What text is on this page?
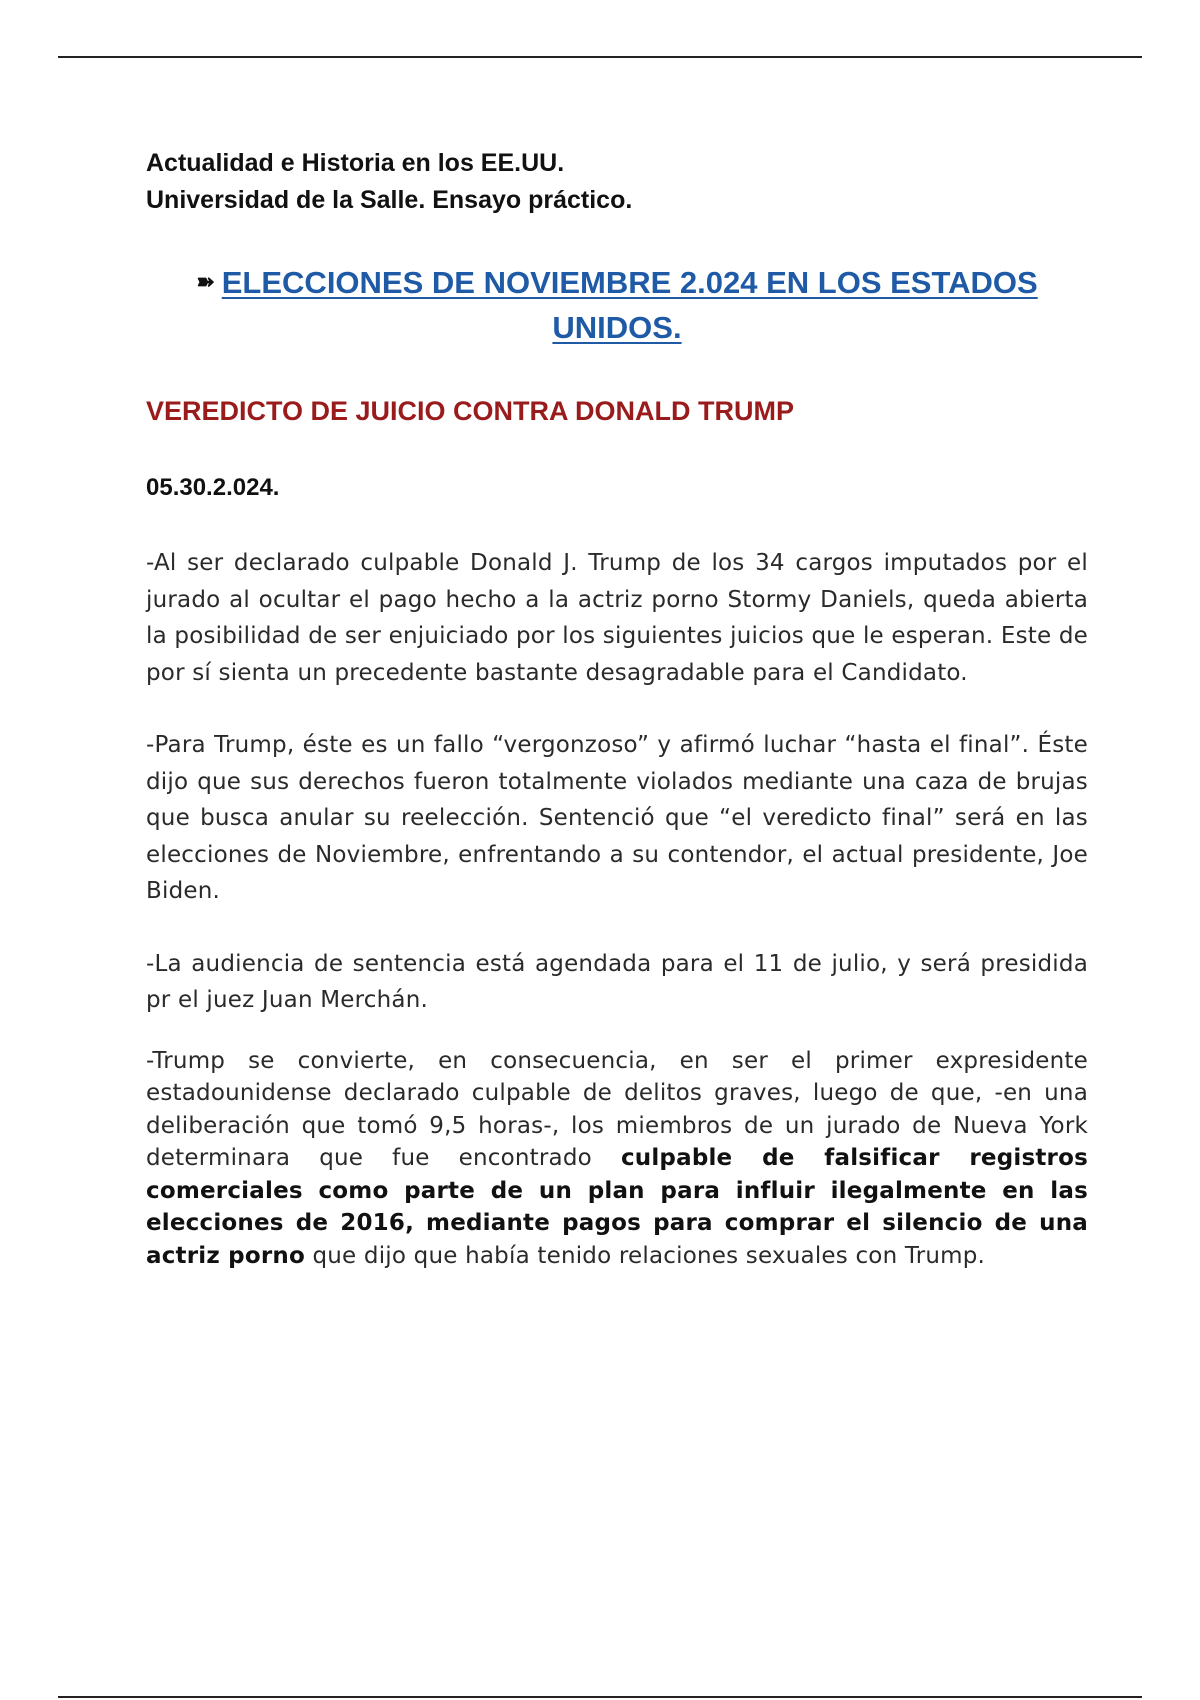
Actualidad e Historia en los EE.UU.
Universidad de la Salle. Ensayo práctico.
➽ ELECCIONES DE NOVIEMBRE 2.024 EN LOS ESTADOS UNIDOS.
VEREDICTO DE JUICIO CONTRA DONALD TRUMP
05.30.2.024.

-Al ser declarado culpable Donald J. Trump de los 34 cargos imputados por el jurado al ocultar el pago hecho a la actriz porno Stormy Daniels, queda abierta la posibilidad de ser enjuiciado por los siguientes juicios que le esperan. Este de por sí sienta un precedente bastante desagradable para el Candidato.

-Para Trump, éste es un fallo “vergonzoso” y afirmó luchar “hasta el final”. Éste dijo que sus derechos fueron totalmente violados mediante una caza de brujas que busca anular su reelección. Sentenció que “el veredicto final” será en las elecciones de Noviembre, enfrentando a su contendor, el actual presidente, Joe Biden.

-La audiencia de sentencia está agendada para el 11 de julio, y será presidida pr el juez Juan Merchán.

-Trump se convierte, en consecuencia, en ser el primer expresidente estadounidense declarado culpable de delitos graves, luego de que, -en una deliberación que tomó 9,5 horas-, los miembros de un jurado de Nueva York determinara que fue encontrado culpable de falsificar registros comerciales como parte de un plan para influir ilegalmente en las elecciones de 2016, mediante pagos para comprar el silencio de una actriz porno que dijo que había tenido relaciones sexuales con Trump.
